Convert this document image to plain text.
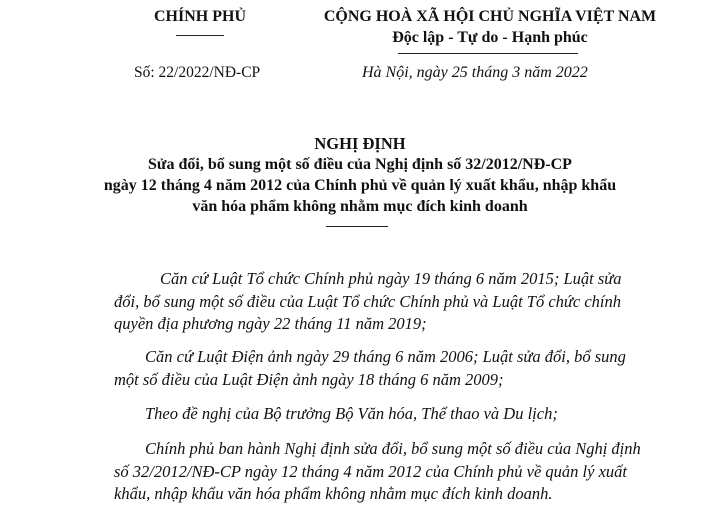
CHÍNH PHỦ	CỘNG HOÀ XÃ HỘI CHỦ NGHĨA VIỆT NAM
Độc lập - Tự do - Hạnh phúc
Số: 22/2022/NĐ-CP	Hà Nội, ngày 25 tháng 3 năm 2022
NGHỊ ĐỊNH
Sửa đổi, bổ sung một số điều của Nghị định số 32/2012/NĐ-CP
ngày 12 tháng 4 năm 2012 của Chính phủ về quản lý xuất khẩu, nhập khẩu
văn hóa phẩm không nhằm mục đích kinh doanh
Căn cứ Luật Tổ chức Chính phủ ngày 19 tháng 6 năm 2015; Luật sửa
đổi, bổ sung một số điều của Luật Tổ chức Chính phủ và Luật Tổ chức chính
quyền địa phương ngày 22 tháng 11 năm 2019;
Căn cứ Luật Điện ảnh ngày 29 tháng 6 năm 2006; Luật sửa đổi, bổ sung
một số điều của Luật Điện ảnh ngày 18 tháng 6 năm 2009;
Theo đề nghị của Bộ trưởng Bộ Văn hóa, Thể thao và Du lịch;
Chính phủ ban hành Nghị định sửa đổi, bổ sung một số điều của Nghị định
số 32/2012/NĐ-CP ngày 12 tháng 4 năm 2012 của Chính phủ về quản lý xuất
khẩu, nhập khẩu văn hóa phẩm không nhằm mục đích kinh doanh.
